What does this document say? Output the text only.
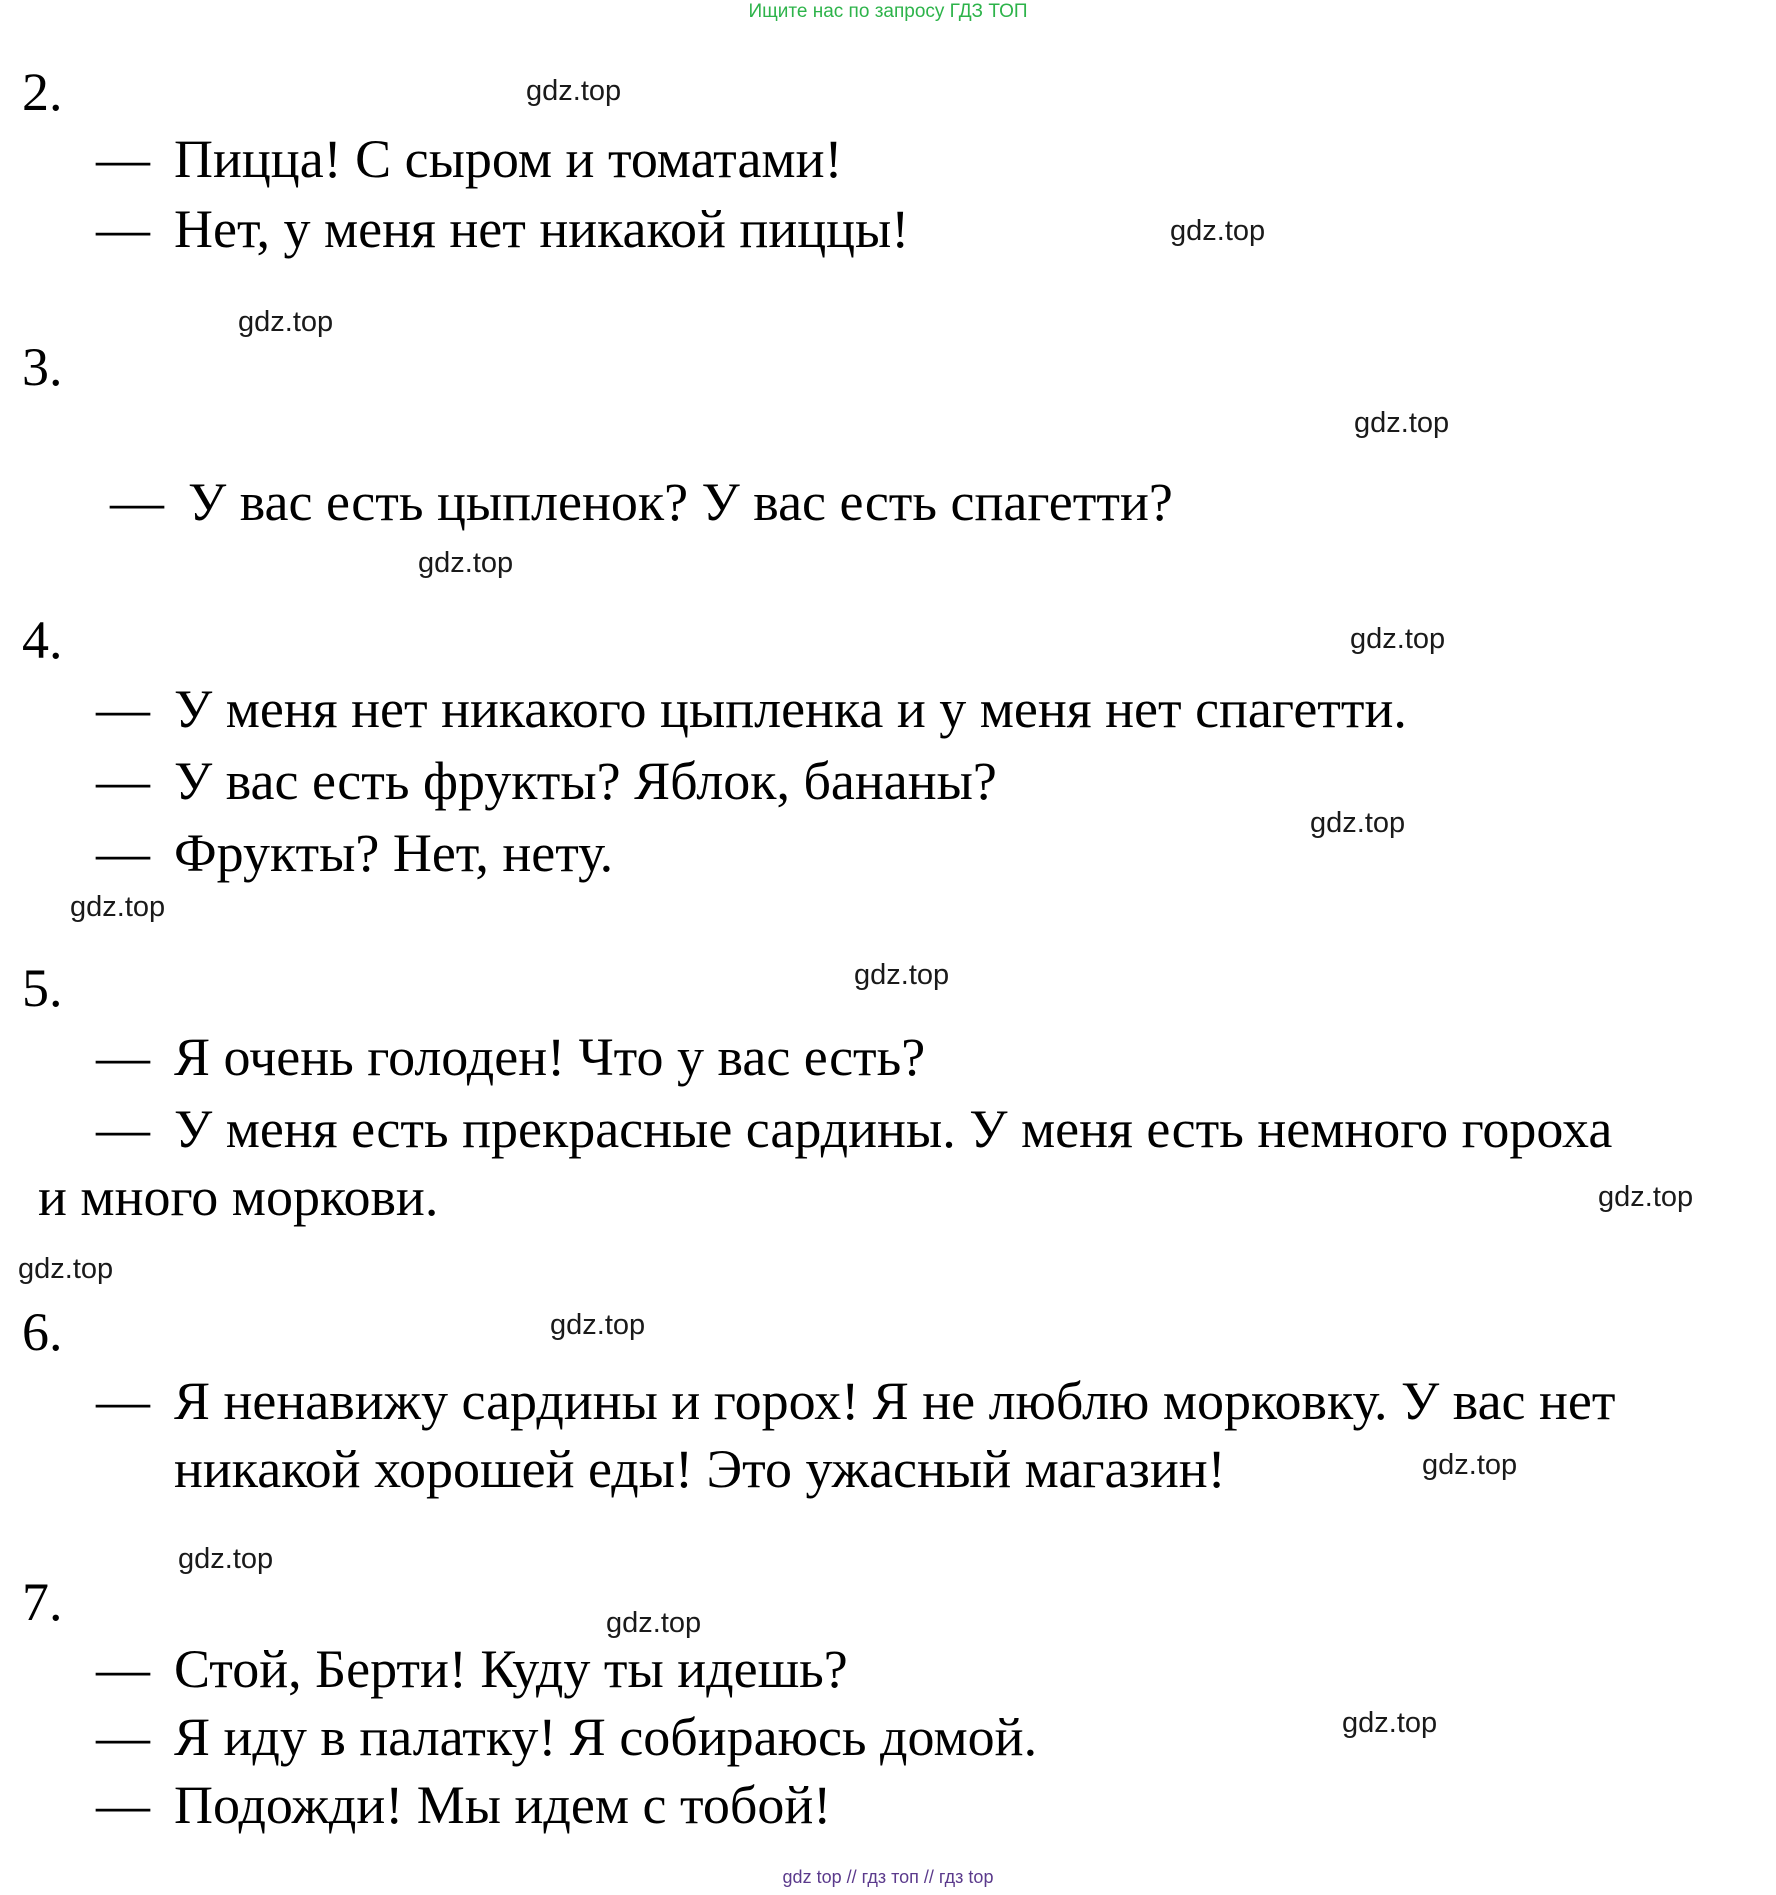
Ищите нас по запросу ГДЗ ТОП
2.
— Пицца! С сыром и томатами!
— Нет, у меня нет никакой пиццы!
3.
— У вас есть цыпленок? У вас есть спагетти?
4.
— У меня нет никакого цыпленка и у меня нет спагетти.
— У вас есть фрукты? Яблок, бананы?
— Фрукты? Нет, нету.
5.
— Я очень голоден! Что у вас есть?
— У меня есть прекрасные сардины. У меня есть немного гороха
и много моркови.
6.
— Я ненавижу сардины и горох! Я не люблю морковку. У вас нет
никакой хорошей еды! Это ужасный магазин!
7.
— Стой, Берти! Куду ты идешь?
— Я иду в палатку! Я собираюсь домой.
— Подожди! Мы идем с тобой!
gdz.top
gdz.top
gdz.top
gdz.top
gdz.top
gdz.top
gdz.top
gdz.top
gdz.top
gdz.top
gdz.top
gdz.top
gdz.top
gdz.top
gdz.top
gdz.top
gdz top // гдз топ // гдз top
